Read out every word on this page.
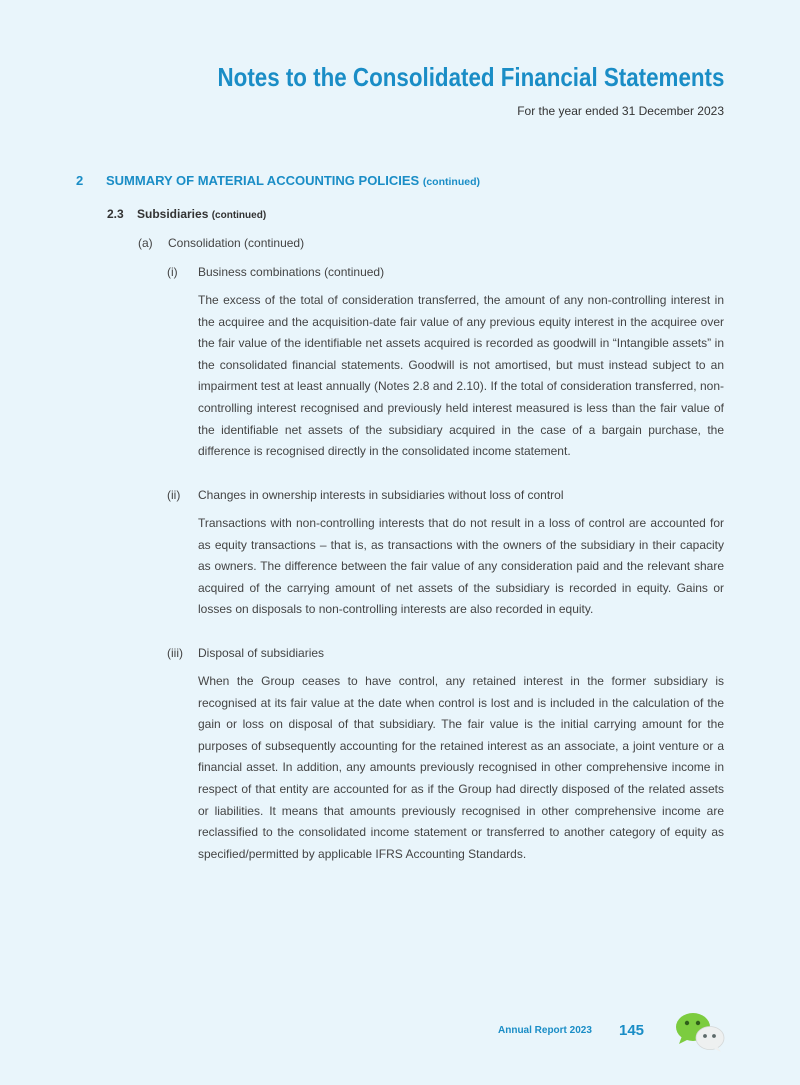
Notes to the Consolidated Financial Statements
For the year ended 31 December 2023
2 SUMMARY OF MATERIAL ACCOUNTING POLICIES (continued)
2.3 Subsidiaries (continued)
(a) Consolidation (continued)
(i) Business combinations (continued)

The excess of the total of consideration transferred, the amount of any non-controlling interest in the acquiree and the acquisition-date fair value of any previous equity interest in the acquiree over the fair value of the identifiable net assets acquired is recorded as goodwill in “Intangible assets” in the consolidated financial statements. Goodwill is not amortised, but must instead subject to an impairment test at least annually (Notes 2.8 and 2.10). If the total of consideration transferred, non-controlling interest recognised and previously held interest measured is less than the fair value of the identifiable net assets of the subsidiary acquired in the case of a bargain purchase, the difference is recognised directly in the consolidated income statement.

(ii) Changes in ownership interests in subsidiaries without loss of control

Transactions with non-controlling interests that do not result in a loss of control are accounted for as equity transactions – that is, as transactions with the owners of the subsidiary in their capacity as owners. The difference between the fair value of any consideration paid and the relevant share acquired of the carrying amount of net assets of the subsidiary is recorded in equity. Gains or losses on disposals to non-controlling interests are also recorded in equity.

(iii) Disposal of subsidiaries

When the Group ceases to have control, any retained interest in the former subsidiary is recognised at its fair value at the date when control is lost and is included in the calculation of the gain or loss on disposal of that subsidiary. The fair value is the initial carrying amount for the purposes of subsequently accounting for the retained interest as an associate, a joint venture or a financial asset. In addition, any amounts previously recognised in other comprehensive income in respect of that entity are accounted for as if the Group had directly disposed of the related assets or liabilities. It means that amounts previously recognised in other comprehensive income are reclassified to the consolidated income statement or transferred to another category of equity as specified/permitted by applicable IFRS Accounting Standards.

Annual Report 2023 145
